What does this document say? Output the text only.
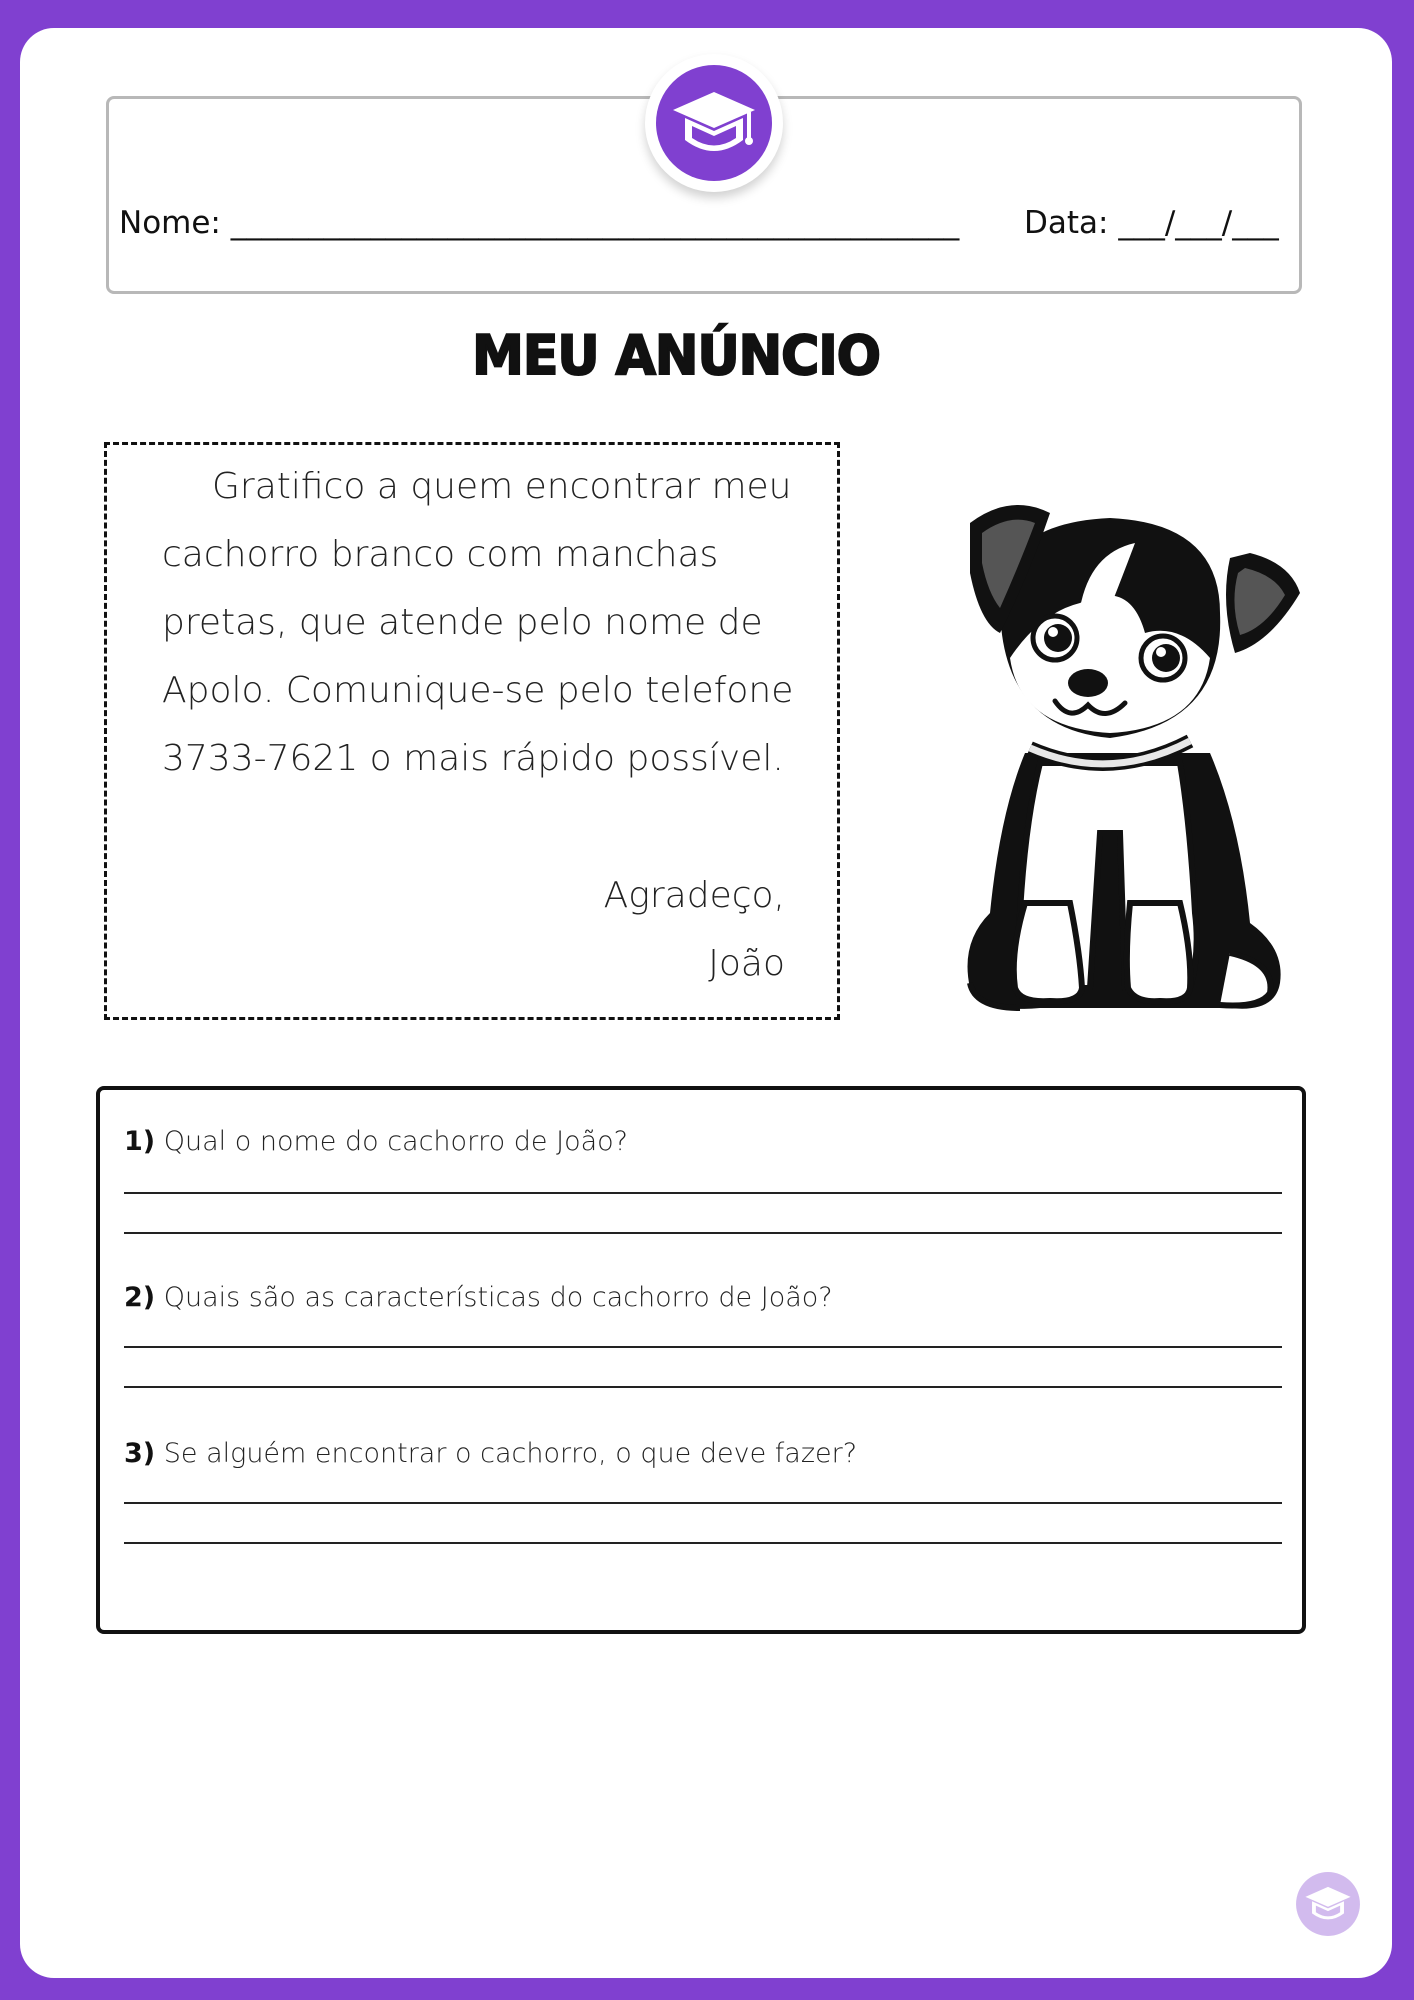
Nome: _______________________________________________ Data: ___/___/___
MEU ANÚNCIO
Gratifico a quem encontrar meu
cachorro branco com manchas
pretas, que atende pelo nome de
Apolo. Comunique-se pelo telefone
3733-7621 o mais rápido possível.
Agradeço,
João
1) Qual o nome do cachorro de João?
2) Quais são as características do cachorro de João?
3) Se alguém encontrar o cachorro, o que deve fazer?
